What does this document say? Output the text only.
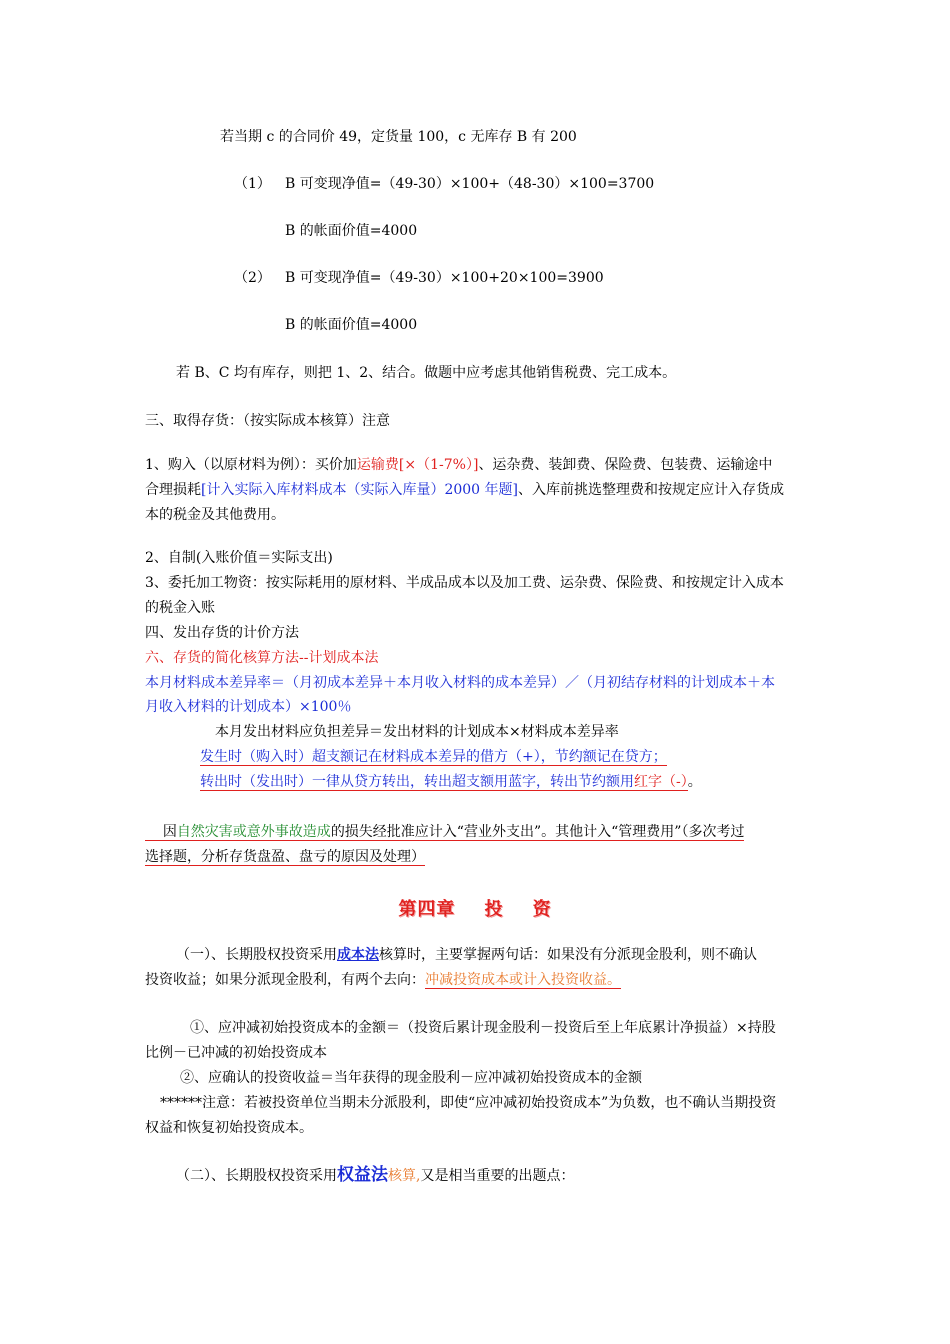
若当期 c 的合同价 49，定货量 100，c 无库存 B 有 200
（1） B 可变现净值=（49-30）×100+（48-30）×100=3700
B 的帐面价值=4000
（2） B 可变现净值=（49-30）×100+20×100=3900
B 的帐面价值=4000
若 B、C 均有库存，则把 1、2、结合。做题中应考虑其他销售税费、完工成本。
三、取得存货：（按实际成本核算）注意
1、购入（以原材料为例）：买价加运输费[×（1-7%）]、运杂费、装卸费、保险费、包装费、运输途中
合理损耗[计入实际入库材料成本（实际入库量）2000 年题]、入库前挑选整理费和按规定应计入存货成
本的税金及其他费用。
2、自制(入账价值＝实际支出)
3、委托加工物资：按实际耗用的原材料、半成品成本以及加工费、运杂费、保险费、和按规定计入成本
的税金入账
四、发出存货的计价方法
六、存货的简化核算方法--计划成本法
本月材料成本差异率＝（月初成本差异＋本月收入材料的成本差异）／（月初结存材料的计划成本＋本
月收入材料的计划成本）×100％
本月发出材料应负担差异＝发出材料的计划成本×材料成本差异率
发生时（购入时）超支额记在材料成本差异的借方（+），节约额记在贷方；
转出时（发出时）一律从贷方转出，转出超支额用蓝字，转出节约额用红字（-）。
因自然灾害或意外事故造成的损失经批准应计入“营业外支出”。其他计入“管理费用”（多次考过
选择题，分析存货盘盈、盘亏的原因及处理）
第四章 投 资
（一）、长期股权投资采用成本法核算时，主要掌握两句话：如果没有分派现金股利，则不确认
投资收益；如果分派现金股利，有两个去向：冲减投资成本或计入投资收益。
①、应冲减初始投资成本的金额＝（投资后累计现金股利－投资后至上年底累计净损益）×持股
比例－已冲减的初始投资成本
②、应确认的投资收益＝当年获得的现金股利－应冲减初始投资成本的金额
******注意：若被投资单位当期未分派股利，即使“应冲减初始投资成本”为负数，也不确认当期投资
权益和恢复初始投资成本。
（二）、长期股权投资采用权益法核算,又是相当重要的出题点：
